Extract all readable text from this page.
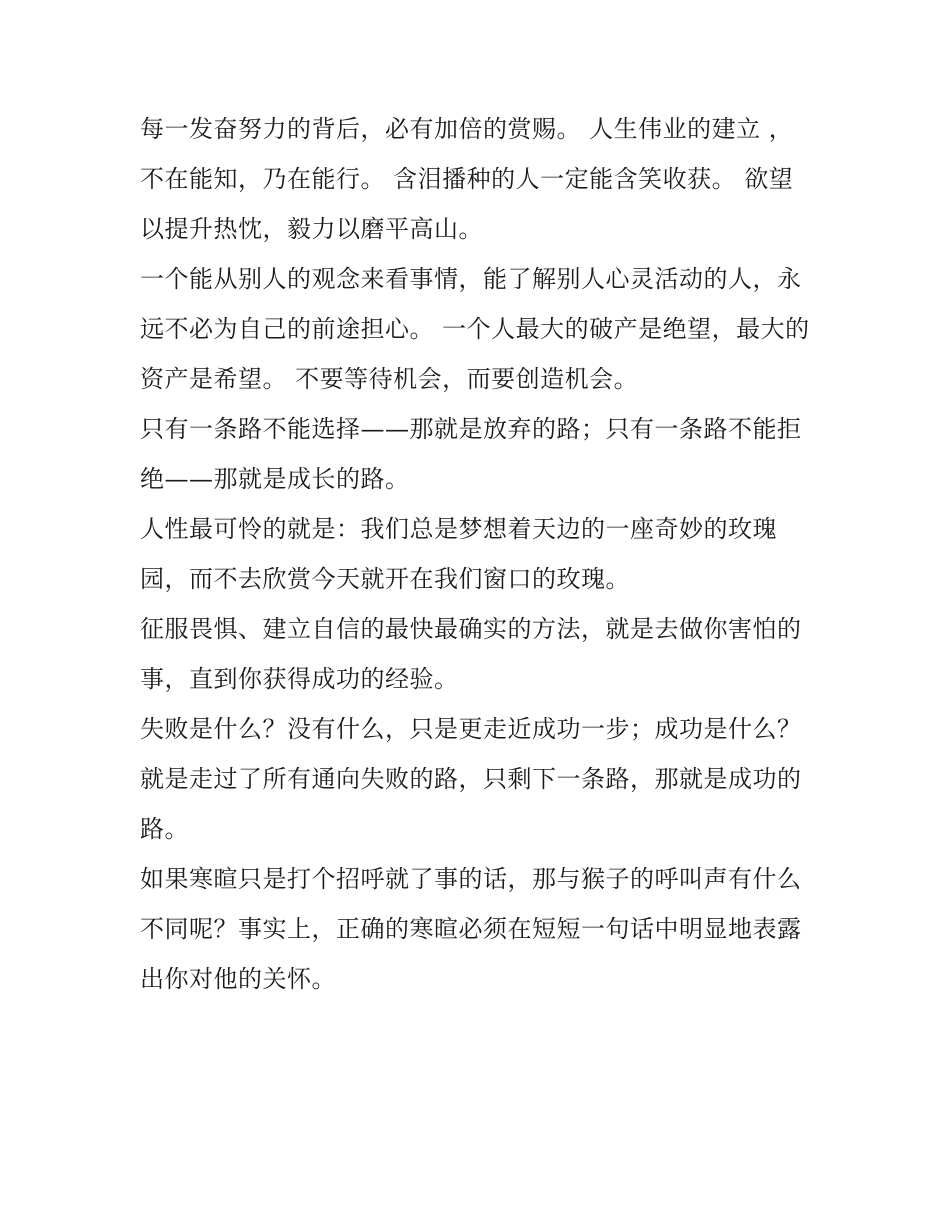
每一发奋努力的背后，必有加倍的赏赐。 人生伟业的建立 ，不在能知，乃在能行。 含泪播种的人一定能含笑收获。 欲望以提升热忱，毅力以磨平高山。

一个能从别人的观念来看事情，能了解别人心灵活动的人，永远不必为自己的前途担心。 一个人最大的破产是绝望，最大的资产是希望。 不要等待机会，而要创造机会。

只有一条路不能选择——那就是放弃的路；只有一条路不能拒绝——那就是成长的路。

人性最可怜的就是：我们总是梦想着天边的一座奇妙的玫瑰园，而不去欣赏今天就开在我们窗口的玫瑰。

征服畏惧、建立自信的最快最确实的方法，就是去做你害怕的事，直到你获得成功的经验。

失败是什么？没有什么，只是更走近成功一步；成功是什么？就是走过了所有通向失败的路，只剩下一条路，那就是成功的路。

如果寒暄只是打个招呼就了事的话，那与猴子的呼叫声有什么不同呢？事实上，正确的寒暄必须在短短一句话中明显地表露出你对他的关怀。
